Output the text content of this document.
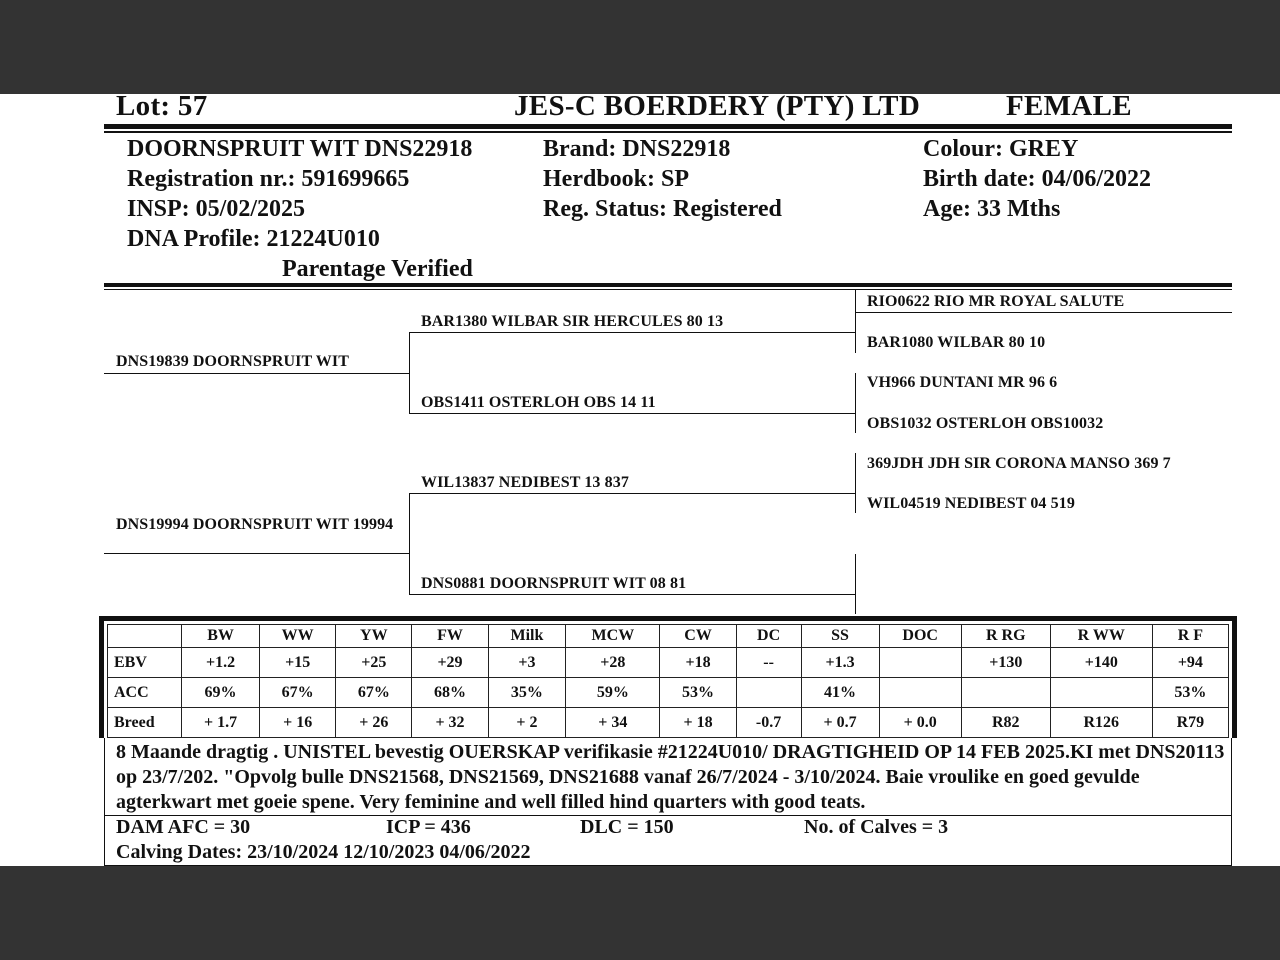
Lot: 57	JES-C BOERDERY (PTY) LTD	FEMALE
DOORNSPRUIT WIT DNS22918
Registration nr.: 591699665
INSP: 05/02/2025
DNA Profile: 21224U010
Parentage Verified
Brand: DNS22918
Herdbook: SP
Reg. Status: Registered
Colour: GREY
Birth date: 04/06/2022
Age: 33 Mths
DNS19839 DOORNSPRUIT WIT
DNS19994 DOORNSPRUIT WIT 19994
BAR1380 WILBAR SIR HERCULES 80 13
OBS1411 OSTERLOH OBS 14 11
WIL13837 NEDIBEST 13 837
DNS0881 DOORNSPRUIT WIT 08 81
RIO0622 RIO MR ROYAL SALUTE
BAR1080 WILBAR 80 10
VH966 DUNTANI MR 96 6
OBS1032 OSTERLOH OBS10032
369JDH JDH SIR CORONA MANSO 369 7
WIL04519 NEDIBEST 04 519
	BW	WW	YW	FW	Milk	MCW	CW	DC	SS	DOC	R RG	R WW	R F
EBV	+1.2	+15	+25	+29	+3	+28	+18	--	+1.3		+130	+140	+94
ACC	69%	67%	67%	68%	35%	59%	53%		41%				53%
Breed	+ 1.7	+ 16	+ 26	+ 32	+ 2	+ 34	+ 18	-0.7	+ 0.7	+ 0.0	R82	R126	R79
8 Maande dragtig . UNISTEL bevestig OUERSKAP verifikasie #21224U010/ DRAGTIGHEID OP 14 FEB 2025.KI met DNS20113 op 23/7/202. "Opvolg bulle DNS21568, DNS21569, DNS21688 vanaf 26/7/2024 - 3/10/2024. Baie vroulike en goed gevulde agterkwart met goeie spene. Very feminine and well filled hind quarters with good teats.
DAM AFC = 30	ICP = 436	DLC = 150	No. of Calves = 3
Calving Dates: 23/10/2024 12/10/2023 04/06/2022
